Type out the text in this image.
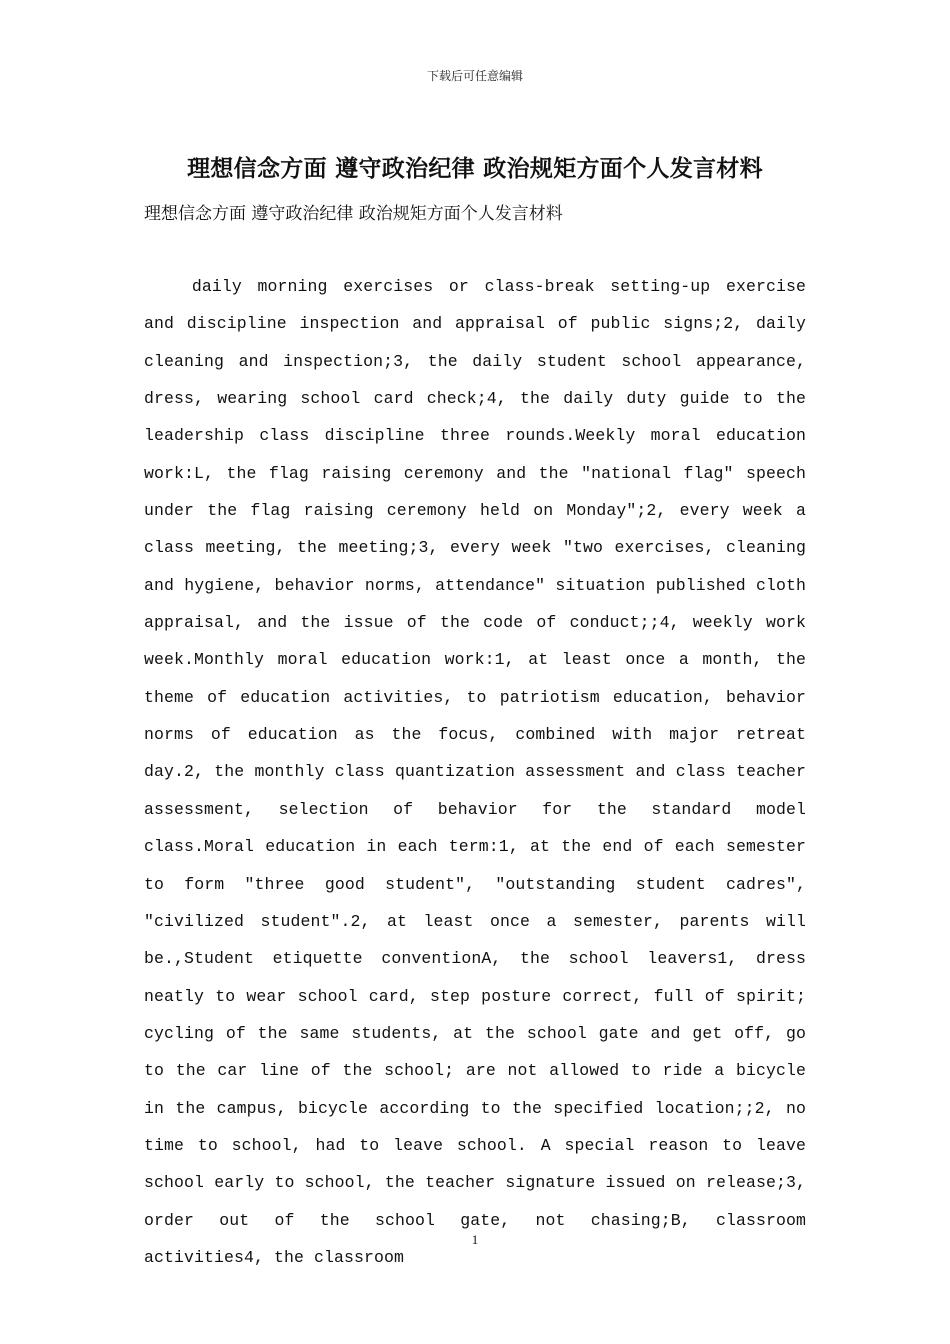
下载后可任意编辑
理想信念方面 遵守政治纪律 政治规矩方面个人发言材料
理想信念方面 遵守政治纪律 政治规矩方面个人发言材料

daily morning exercises or class-break setting-up exercise and discipline inspection and appraisal of public signs;2, daily cleaning and inspection;3, the daily student school appearance, dress, wearing school card check;4, the daily duty guide to the leadership class discipline three rounds.Weekly moral education work:L, the flag raising ceremony and the "national flag" speech under the flag raising ceremony held on Monday";2, every week a class meeting, the meeting;3, every week "two exercises, cleaning and hygiene, behavior norms, attendance" situation published cloth appraisal, and the issue of the code of conduct;;4, weekly work week.Monthly moral education work:1, at least once a month, the theme of education activities, to patriotism education, behavior norms of education as the focus, combined with major retreat day.2, the monthly class quantization assessment and class teacher assessment, selection of behavior for the standard model class.Moral education in each term:1, at the end of each semester to form "three good student", "outstanding student cadres", "civilized student".2, at least once a semester, parents will be.,Student etiquette conventionA, the school leavers1, dress neatly to wear school card, step posture correct, full of spirit; cycling of the same students, at the school gate and get off, go to the car line of the school; are not allowed to ride a bicycle in the campus, bicycle according to the specified location;;2, no time to school, had to leave school. A special reason to leave school early to school, the teacher signature issued on release;3, order out of the school gate, not chasing;B, classroom activities4, the classroom

1
